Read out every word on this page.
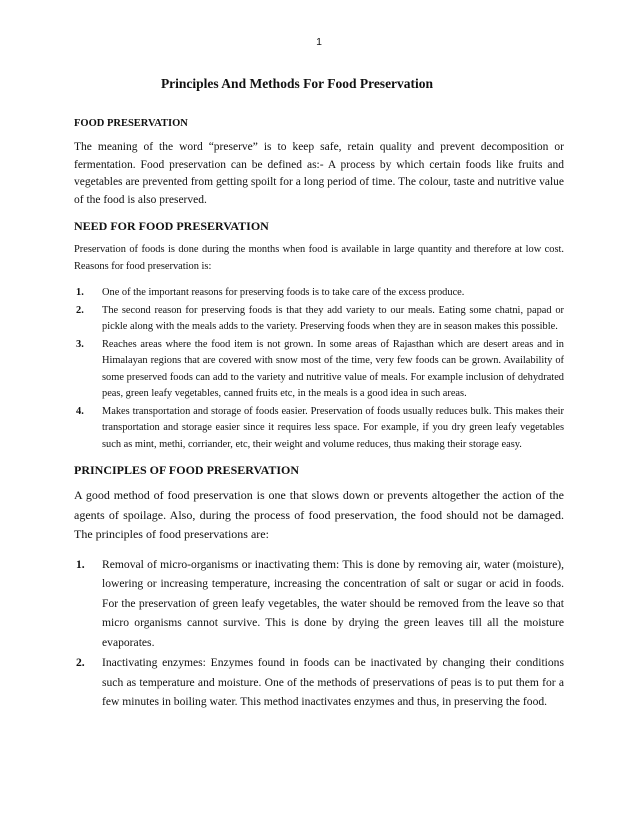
1
Principles And Methods For Food Preservation
FOOD PRESERVATION

The meaning of the word “preserve” is to keep safe, retain quality and prevent decomposition or fermentation. Food preservation can be defined as:- A process by which certain foods like fruits and vegetables are prevented from getting spoilt for a long period of time. The colour, taste and nutritive value of the food is also preserved.

NEED FOR FOOD PRESERVATION

Preservation of foods is done during the months when food is available in large quantity and therefore at low cost. Reasons for food preservation is:

1.	One of the important reasons for preserving foods is to take care of the excess produce.
2.	The second reason for preserving foods is that they add variety to our meals. Eating some chatni, papad or pickle along with the meals adds to the variety. Preserving foods when they are in season makes this possible.
3.	Reaches areas where the food item is not grown. In some areas of Rajasthan which are desert areas and in Himalayan regions that are covered with snow most of the time, very few foods can be grown. Availability of some preserved foods can add to the variety and nutritive value of meals. For example inclusion of dehydrated peas, green leafy vegetables, canned fruits etc, in the meals is a good idea in such areas.
4.	Makes transportation and storage of foods easier. Preservation of foods usually reduces bulk. This makes their transportation and storage easier since it requires less space. For example, if you dry green leafy vegetables such as mint, methi, corriander, etc, their weight and volume reduces, thus making their storage easy.
PRINCIPLES OF FOOD PRESERVATION

A good method of food preservation is one that slows down or prevents altogether the action of the agents of spoilage. Also, during the process of food preservation, the food should not be damaged. The principles of food preservations are:

1. Removal of micro-organisms or inactivating them: This is done by removing air, water (moisture), lowering or increasing temperature, increasing the concentration of salt or sugar or acid in foods. For the preservation of green leafy vegetables, the water should be removed from the leave so that micro organisms cannot survive. This is done by drying the green leaves till all the moisture evaporates.
2. Inactivating enzymes: Enzymes found in foods can be inactivated by changing their conditions such as temperature and moisture. One of the methods of preservations of peas is to put them for a few minutes in boiling water. This method inactivates enzymes and thus, in preserving the food.
